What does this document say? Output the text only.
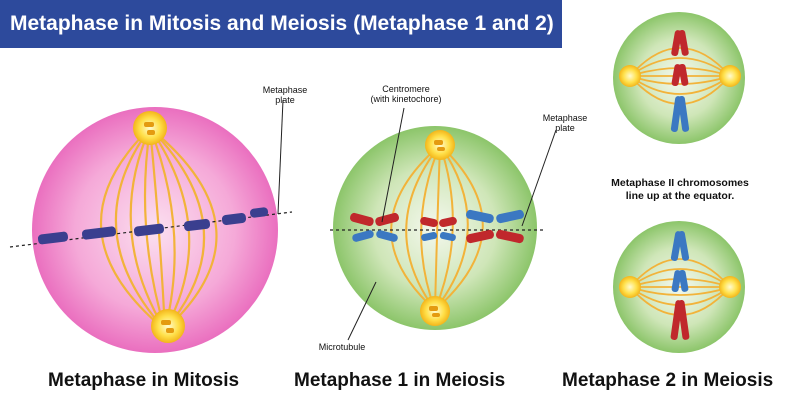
Metaphase in Mitosis and Meiosis (Metaphase 1 and 2)
Metaphase
plate
Centromere
(with kinetochore)
Metaphase
plate
Microtubule
Metaphase II chromosomes
line up at the equator.
Metaphase in Mitosis	Metaphase 1 in Meiosis	Metaphase 2 in Meiosis
